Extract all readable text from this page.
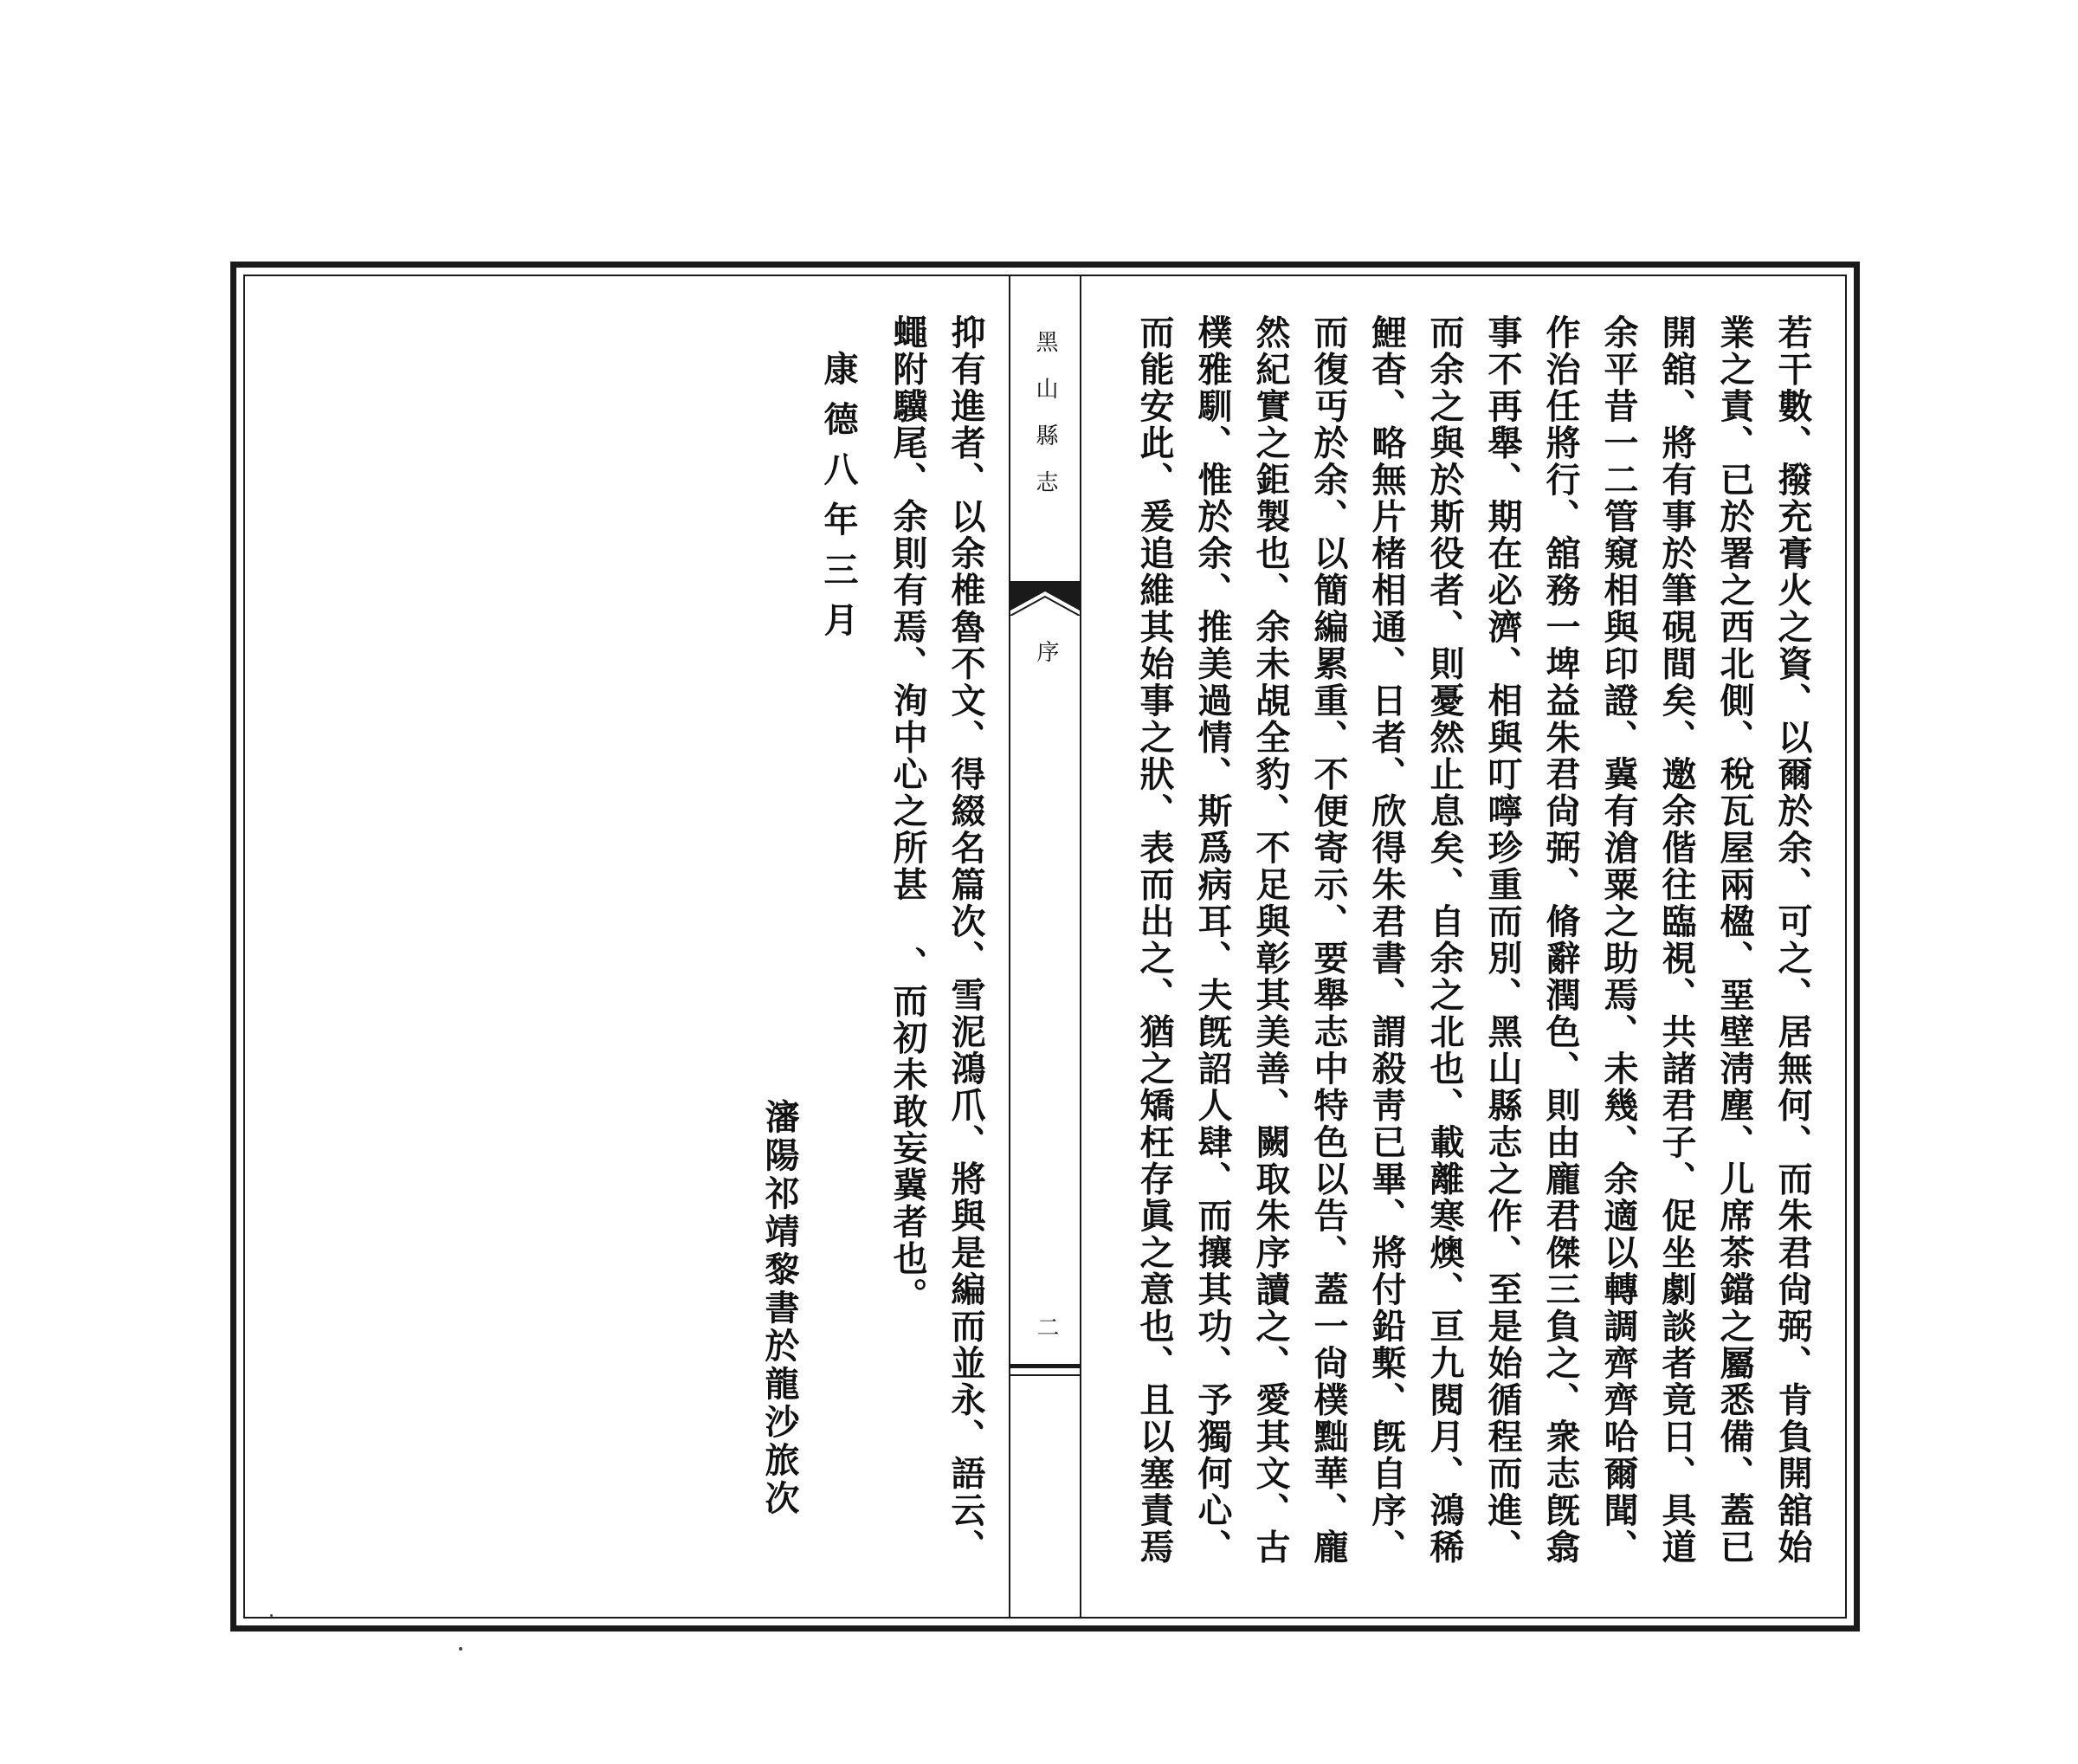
若干數、撥充膏火之資、以爾於余、可之、居無何、而朱君尙弼、肯負開舘始
業之責、已於署之西北側、稅瓦屋兩楹、堊壁淸塵、儿席茶鐺之屬悉備、蓋已
開舘、將有事於筆硯間矣、邀余偕往臨視、共諸君子、促坐劇談者竟日、具道
余平昔一二管窺相與印證、冀有滄粟之助焉、未幾、余適以轉調齊齊哈爾聞、
作治任將行、舘務一埤益朱君尙弼、脩辭潤色、則由龐君傑三負之、衆志旣翕
事不再舉、期在必濟、相與叮嚀珍重而別、黑山縣志之作、至是始循程而進、
而余之與於斯役者、則憂然止息矣、自余之北也、載離寒燠、亘九閱月、鴻稀
鯉杳、略無片楮相通、日者、欣得朱君書、謂殺靑已畢、將付鉛槧、旣自序、
而復丏於余、以簡編累重、不便寄示、要舉志中特色以告、蓋一尙樸黜華、龐
然紀實之鉅製也、余未覘全豹、不足與彰其美善、闕取朱序讀之、愛其文、古
樸雅馴、惟於余、推美過情、斯爲病耳、夫旣詔人肆、而攘其功、予獨何心、
而能安此、爰追維其始事之狀、表而出之、猶之矯枉存眞之意也、且以塞責焉
黑山縣志
序
二
抑有進者、以余椎魯不文、得綴名篇次、雪泥鴻爪、將與是編而並永、語云、
蠅附驥尾、余則有焉、洵中心之所甚 、而初未敢妄冀者也。
康德八年三月
瀋陽祁靖黎書於龍沙旅次
